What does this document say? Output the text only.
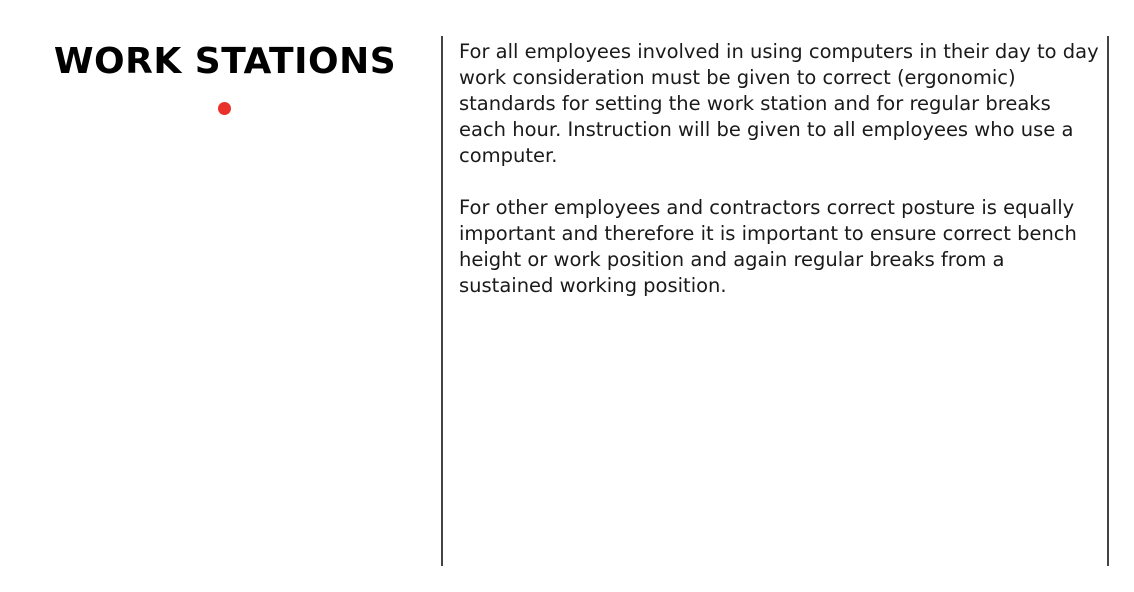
WORK STATIONS	For all employees involved in using computers in their day to day work consideration must be given to correct (ergonomic) standards for setting the work station and for regular breaks each hour. Instruction will be given to all employees who use a computer.

For other employees and contractors correct posture is equally important and therefore it is important to ensure correct bench height or work position and again regular breaks from a sustained working position.
